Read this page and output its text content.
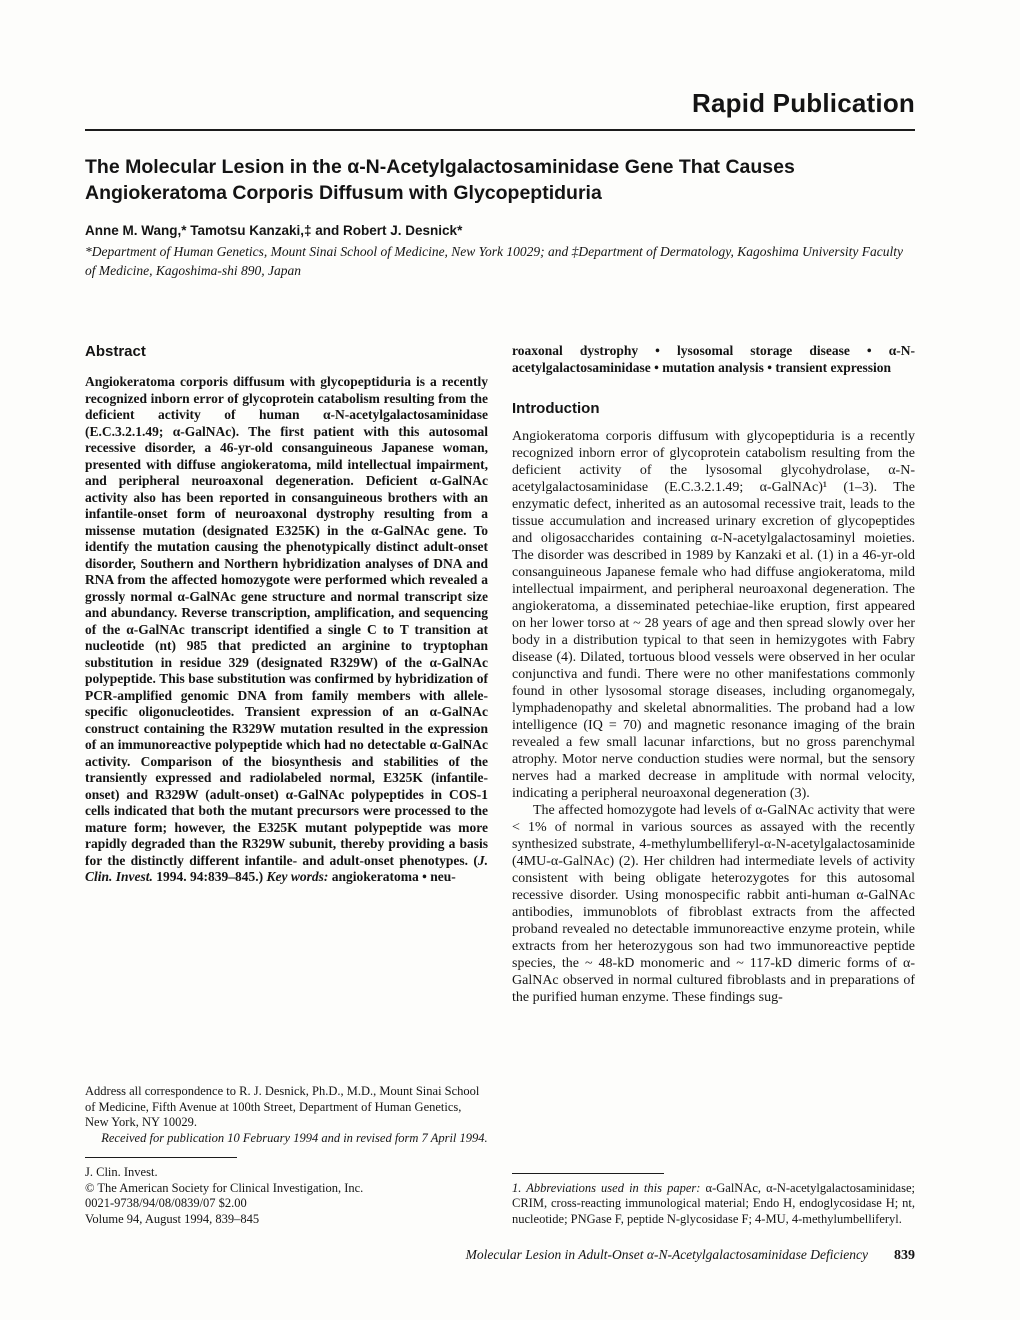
Rapid Publication
The Molecular Lesion in the α-N-Acetylgalactosaminidase Gene That Causes Angiokeratoma Corporis Diffusum with Glycopeptiduria
Anne M. Wang,* Tamotsu Kanzaki,‡ and Robert J. Desnick*
*Department of Human Genetics, Mount Sinai School of Medicine, New York 10029; and ‡Department of Dermatology, Kagoshima University Faculty of Medicine, Kagoshima-shi 890, Japan
Abstract

Angiokeratoma corporis diffusum with glycopeptiduria is a recently recognized inborn error of glycoprotein catabolism resulting from the deficient activity of human α-N-acetylgalactosaminidase (E.C.3.2.1.49; α-GalNAc). The first patient with this autosomal recessive disorder, a 46-yr-old consanguineous Japanese woman, presented with diffuse angiokeratoma, mild intellectual impairment, and peripheral neuroaxonal degeneration. Deficient α-GalNAc activity also has been reported in consanguineous brothers with an infantile-onset form of neuroaxonal dystrophy resulting from a missense mutation (designated E325K) in the α-GalNAc gene. To identify the mutation causing the phenotypically distinct adult-onset disorder, Southern and Northern hybridization analyses of DNA and RNA from the affected homozygote were performed which revealed a grossly normal α-GalNAc gene structure and normal transcript size and abundancy. Reverse transcription, amplification, and sequencing of the α-GalNAc transcript identified a single C to T transition at nucleotide (nt) 985 that predicted an arginine to tryptophan substitution in residue 329 (designated R329W) of the α-GalNAc polypeptide. This base substitution was confirmed by hybridization of PCR-amplified genomic DNA from family members with allele-specific oligonucleotides. Transient expression of an α-GalNAc construct containing the R329W mutation resulted in the expression of an immunoreactive polypeptide which had no detectable α-GalNAc activity. Comparison of the biosynthesis and stabilities of the transiently expressed and radiolabeled normal, E325K (infantile-onset) and R329W (adult-onset) α-GalNAc polypeptides in COS-1 cells indicated that both the mutant precursors were processed to the mature form; however, the E325K mutant polypeptide was more rapidly degraded than the R329W subunit, thereby providing a basis for the distinctly different infantile- and adult-onset phenotypes. (J. Clin. Invest. 1994. 94:839–845.) Key words: angiokeratoma • neu-

Address all correspondence to R. J. Desnick, Ph.D., M.D., Mount Sinai School of Medicine, Fifth Avenue at 100th Street, Department of Human Genetics, New York, NY 10029.

Received for publication 10 February 1994 and in revised form 7 April 1994.

J. Clin. Invest.

© The American Society for Clinical Investigation, Inc.

0021-9738/94/08/0839/07 $2.00

Volume 94, August 1994, 839–845

roaxonal dystrophy • lysosomal storage disease • α-N-acetylgalactosaminidase • mutation analysis • transient expression

Introduction

Angiokeratoma corporis diffusum with glycopeptiduria is a recently recognized inborn error of glycoprotein catabolism resulting from the deficient activity of the lysosomal glycohydrolase, α-N-acetylgalactosaminidase (E.C.3.2.1.49; α-GalNAc)¹ (1–3). The enzymatic defect, inherited as an autosomal recessive trait, leads to the tissue accumulation and increased urinary excretion of glycopeptides and oligosaccharides containing α-N-acetylgalactosaminyl moieties. The disorder was described in 1989 by Kanzaki et al. (1) in a 46-yr-old consanguineous Japanese female who had diffuse angiokeratoma, mild intellectual impairment, and peripheral neuroaxonal degeneration. The angiokeratoma, a disseminated petechiae-like eruption, first appeared on her lower torso at ~ 28 years of age and then spread slowly over her body in a distribution typical to that seen in hemizygotes with Fabry disease (4). Dilated, tortuous blood vessels were observed in her ocular conjunctiva and fundi. There were no other manifestations commonly found in other lysosomal storage diseases, including organomegaly, lymphadenopathy and skeletal abnormalities. The proband had a low intelligence (IQ = 70) and magnetic resonance imaging of the brain revealed a few small lacunar infarctions, but no gross parenchymal atrophy. Motor nerve conduction studies were normal, but the sensory nerves had a marked decrease in amplitude with normal velocity, indicating a peripheral neuroaxonal degeneration (3).

The affected homozygote had levels of α-GalNAc activity that were < 1% of normal in various sources as assayed with the recently synthesized substrate, 4-methylumbelliferyl-α-N-acetylgalactosaminide (4MU-α-GalNAc) (2). Her children had intermediate levels of activity consistent with being obligate heterozygotes for this autosomal recessive disorder. Using monospecific rabbit anti-human α-GalNAc antibodies, immunoblots of fibroblast extracts from the affected proband revealed no detectable immunoreactive enzyme protein, while extracts from her heterozygous son had two immunoreactive peptide species, the ~ 48-kD monomeric and ~ 117-kD dimeric forms of α-GalNAc observed in normal cultured fibroblasts and in preparations of the purified human enzyme. These findings sug-

1. Abbreviations used in this paper: α-GalNAc, α-N-acetylgalactosaminidase; CRIM, cross-reacting immunological material; Endo H, endoglycosidase H; nt, nucleotide; PNGase F, peptide N-glycosidase F; 4-MU, 4-methylumbelliferyl.

Molecular Lesion in Adult-Onset α-N-Acetylgalactosaminidase Deficiency 839
